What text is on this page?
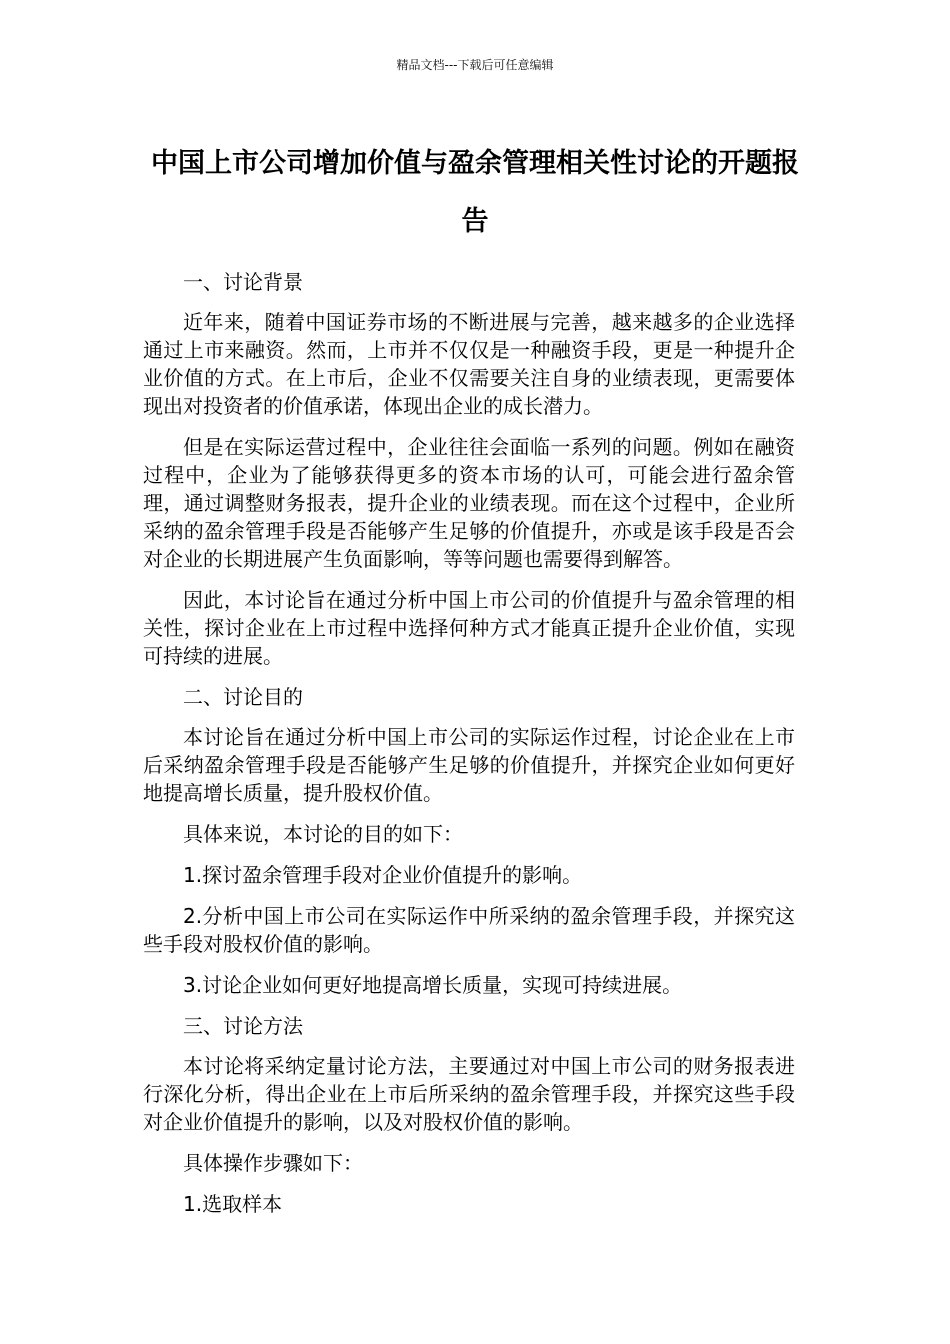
精品文档---下载后可任意编辑
中国上市公司增加价值与盈余管理相关性讨论的开题报告

一、讨论背景

近年来，随着中国证券市场的不断进展与完善，越来越多的企业选择通过上市来融资。然而，上市并不仅仅是一种融资手段，更是一种提升企业价值的方式。在上市后，企业不仅需要关注自身的业绩表现，更需要体现出对投资者的价值承诺，体现出企业的成长潜力。

但是在实际运营过程中，企业往往会面临一系列的问题。例如在融资过程中，企业为了能够获得更多的资本市场的认可，可能会进行盈余管理，通过调整财务报表，提升企业的业绩表现。而在这个过程中，企业所采纳的盈余管理手段是否能够产生足够的价值提升，亦或是该手段是否会对企业的长期进展产生负面影响，等等问题也需要得到解答。

因此，本讨论旨在通过分析中国上市公司的价值提升与盈余管理的相关性，探讨企业在上市过程中选择何种方式才能真正提升企业价值，实现可持续的进展。

二、讨论目的

本讨论旨在通过分析中国上市公司的实际运作过程，讨论企业在上市后采纳盈余管理手段是否能够产生足够的价值提升，并探究企业如何更好地提高增长质量，提升股权价值。

具体来说，本讨论的目的如下：

1.探讨盈余管理手段对企业价值提升的影响。

2.分析中国上市公司在实际运作中所采纳的盈余管理手段，并探究这些手段对股权价值的影响。

3.讨论企业如何更好地提高增长质量，实现可持续进展。

三、讨论方法

本讨论将采纳定量讨论方法，主要通过对中国上市公司的财务报表进行深化分析，得出企业在上市后所采纳的盈余管理手段，并探究这些手段对企业价值提升的影响，以及对股权价值的影响。

具体操作步骤如下：

1.选取样本
